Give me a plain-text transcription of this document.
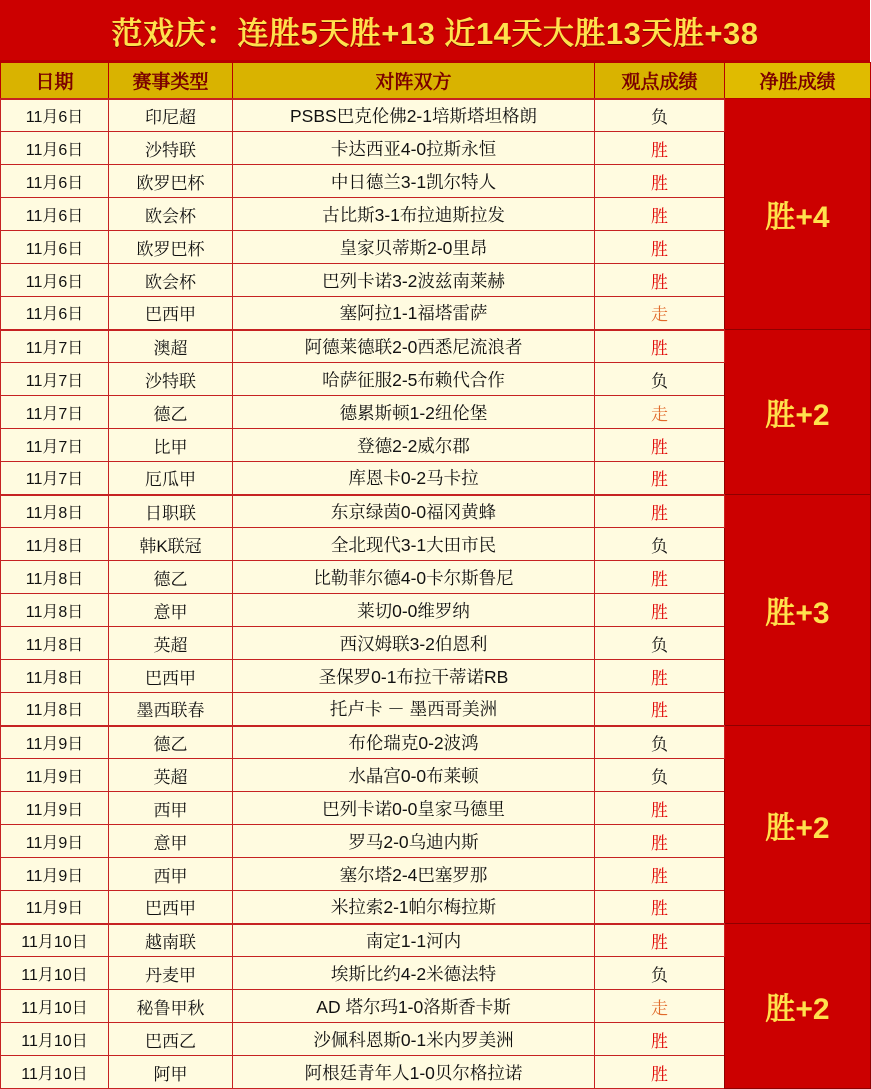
范戏庆：连胜5天胜+13 近14天大胜13天胜+38
日期	赛事类型	对阵双方	观点成绩	净胜成绩
11月6日	印尼超	PSBS巴克伦佛2-1培斯塔坦格朗	负	胜+4
11月6日	沙特联	卡达西亚4-0拉斯永恒	胜	
11月6日	欧罗巴杯	中日德兰3-1凯尔特人	胜	
11月6日	欧会杯	古比斯3-1布拉迪斯拉发	胜	
11月6日	欧罗巴杯	皇家贝蒂斯2-0里昂	胜	
11月6日	欧会杯	巴列卡诺3-2波兹南莱赫	胜	
11月6日	巴西甲	塞阿拉1-1福塔雷萨	走	
11月7日	澳超	阿德莱德联2-0西悉尼流浪者	胜	胜+2
11月7日	沙特联	哈萨征服2-5布赖代合作	负	
11月7日	德乙	德累斯顿1-2纽伦堡	走	
11月7日	比甲	登德2-2威尔郡	胜	
11月7日	厄瓜甲	库恩卡0-2马卡拉	胜	
11月8日	日职联	东京绿茵0-0福冈黄蜂	胜	胜+3
11月8日	韩K联冠	全北现代3-1大田市民	负	
11月8日	德乙	比勒菲尔德4-0卡尔斯鲁尼	胜	
11月8日	意甲	莱切0-0维罗纳	胜	
11月8日	英超	西汉姆联3-2伯恩利	负	
11月8日	巴西甲	圣保罗0-1布拉干蒂诺RB	胜	
11月8日	墨西联春	托卢卡 － 墨西哥美洲	胜	
11月9日	德乙	布伦瑞克0-2波鸿	负	胜+2
11月9日	英超	水晶宫0-0布莱顿	负	
11月9日	西甲	巴列卡诺0-0皇家马德里	胜	
11月9日	意甲	罗马2-0乌迪内斯	胜	
11月9日	西甲	塞尔塔2-4巴塞罗那	胜	
11月9日	巴西甲	米拉索2-1帕尔梅拉斯	胜	
11月10日	越南联	南定1-1河内	胜	胜+2
11月10日	丹麦甲	埃斯比约4-2米德法特	负	
11月10日	秘鲁甲秋	AD 塔尔玛1-0洛斯香卡斯	走	
11月10日	巴西乙	沙佩科恩斯0-1米内罗美洲	胜	
11月10日	阿甲	阿根廷青年人1-0贝尔格拉诺	胜	
